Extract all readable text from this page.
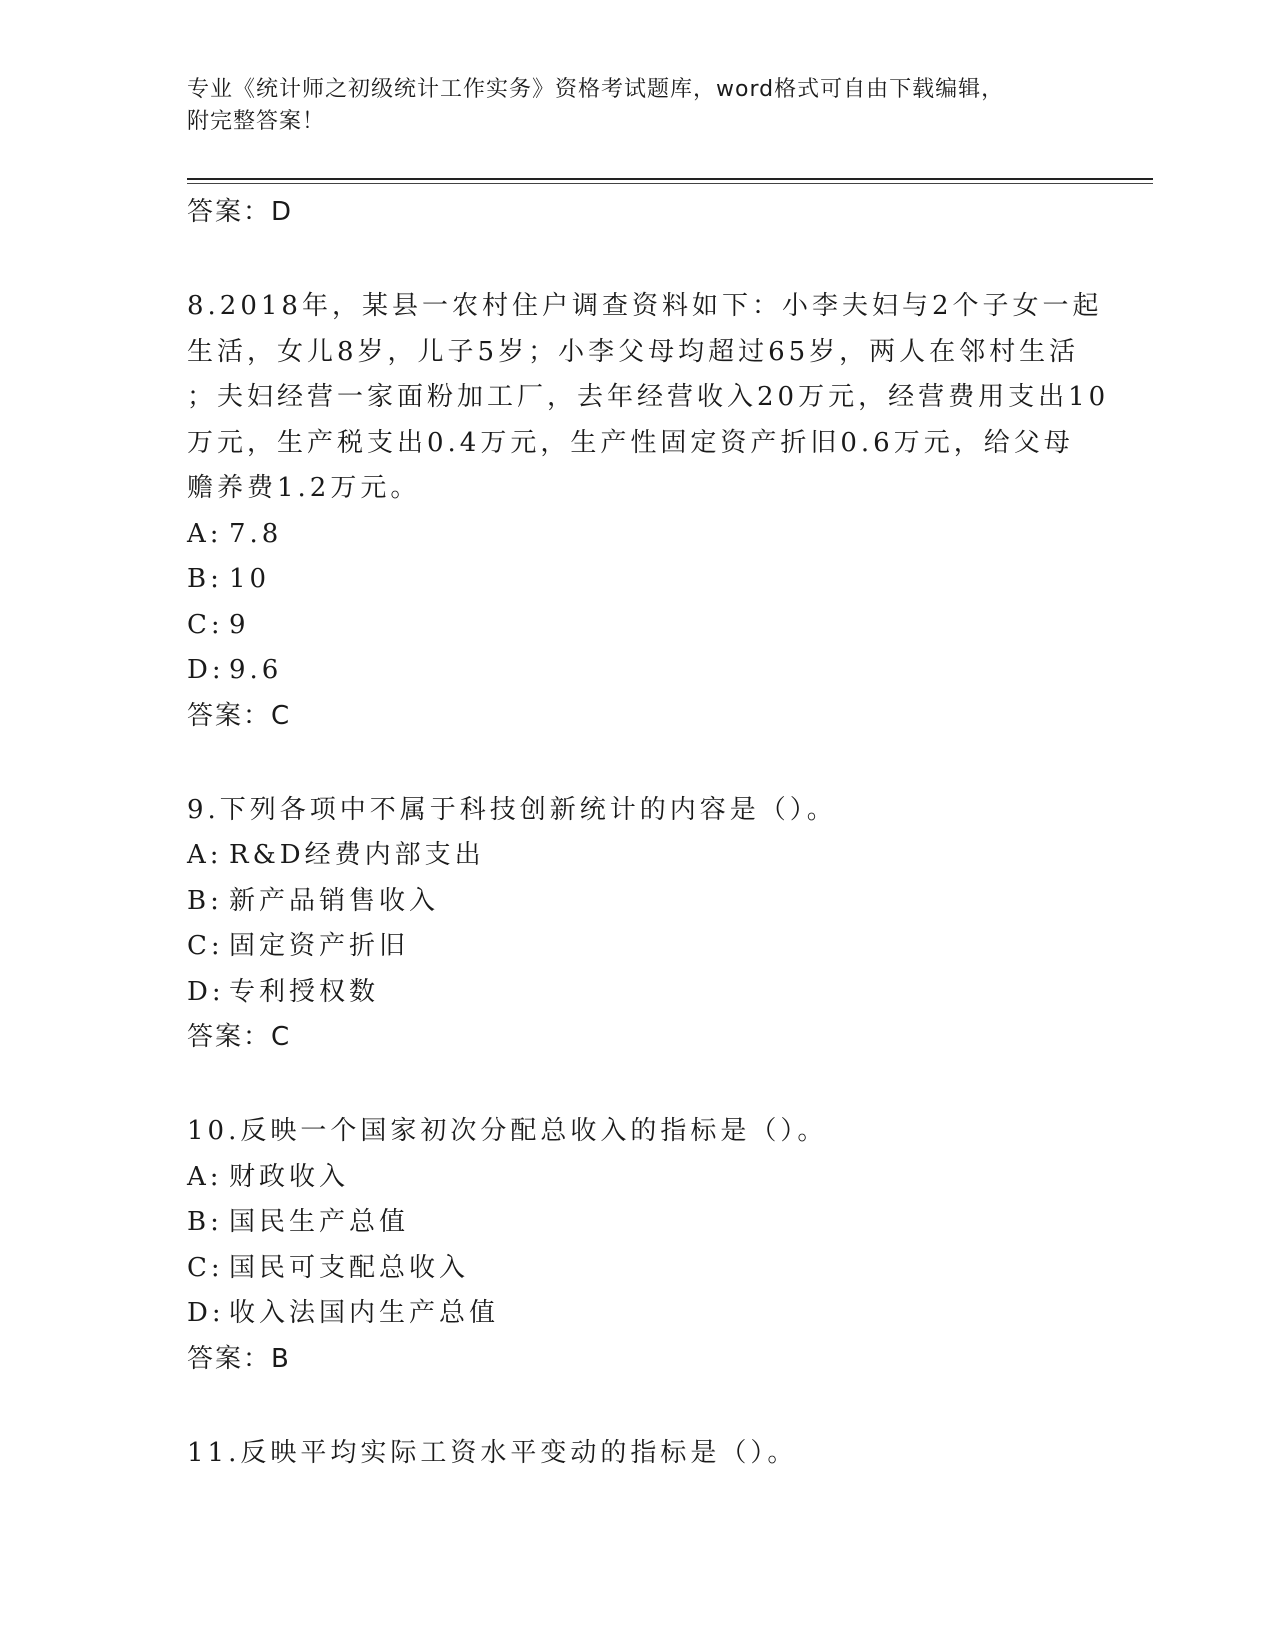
专业《统计师之初级统计工作实务》资格考试题库，word格式可自由下载编辑，
附完整答案！
答案：D
8.2018年，某县一农村住户调查资料如下：小李夫妇与2个子女一起
生活，女儿8岁，儿子5岁；小李父母均超过65岁，两人在邻村生活
；夫妇经营一家面粉加工厂，去年经营收入20万元，经营费用支出10
万元，生产税支出0.4万元，生产性固定资产折旧0.6万元，给父母
赡养费1.2万元。
A: 7.8
B: 10
C: 9
D: 9.6
答案：C
9.下列各项中不属于科技创新统计的内容是（）。
A: R&D经费内部支出
B: 新产品销售收入
C: 固定资产折旧
D: 专利授权数
答案：C
10.反映一个国家初次分配总收入的指标是（）。
A: 财政收入
B: 国民生产总值
C: 国民可支配总收入
D: 收入法国内生产总值
答案：B
11.反映平均实际工资水平变动的指标是（）。
